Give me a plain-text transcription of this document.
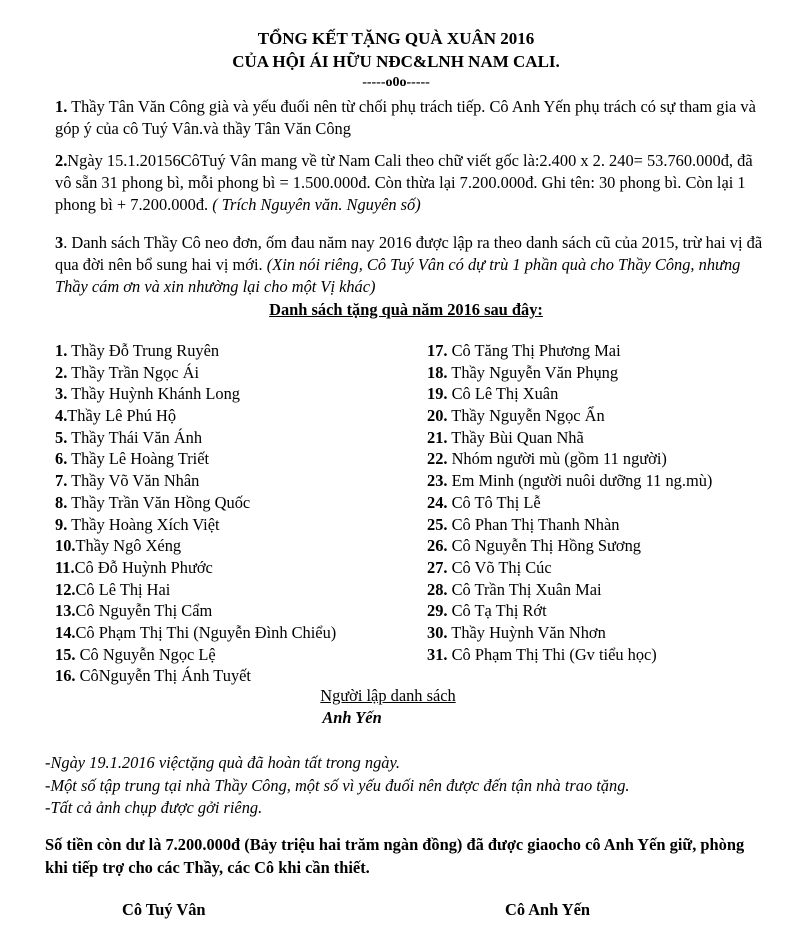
TỔNG KẾT TẶNG QUÀ XUÂN 2016
CỦA HỘI ÁI HỮU NĐC&LNH NAM CALI.
-----o0o-----
1. Thầy Tân Văn Công già và yếu đuối nên từ chối phụ trách tiếp. Cô Anh Yến phụ trách có sự tham gia và góp ý của cô Tuý Vân.và thầy Tân Văn Công
2.Ngày 15.1.20156CôTuý Vân mang về từ Nam Cali theo chữ viết gốc là:2.400 x 2. 240= 53.760.000đ, đã vô sẵn 31 phong bì, mỗi phong bì = 1.500.000đ. Còn thừa lại 7.200.000đ. Ghi tên: 30 phong bì. Còn lại 1 phong bì + 7.200.000đ. ( Trích Nguyên văn. Nguyên số)
3. Danh sách Thầy Cô neo đơn, ốm đau năm nay 2016 được lập ra theo danh sách cũ của 2015, trừ hai vị đã qua đời nên bổ sung hai vị mới. (Xin nói riêng, Cô Tuý Vân có dự trù 1 phần quà cho Thầy Công, nhưng Thầy cám ơn và xin nhường lại cho một Vị khác)
Danh sách tặng quà năm 2016 sau đây:
1. Thầy Đỗ Trung Ruyên
2. Thầy Trần Ngọc Ái
3. Thầy Huỳnh Khánh Long
4.Thầy Lê Phú Hộ
5. Thầy Thái Văn Ánh
6. Thầy Lê Hoàng Triết
7. Thầy Võ Văn Nhân
8. Thầy Trần Văn Hồng Quốc
9. Thầy Hoàng Xích Việt
10.Thầy Ngô Xéng
11.Cô Đỗ Huỳnh Phước
12.Cô Lê Thị Hai
13.Cô Nguyễn Thị Cẩm
14.Cô Phạm Thị Thi (Nguyễn Đình Chiểu)
15. Cô Nguyễn Ngọc Lệ
16. CôNguyễn Thị Ánh Tuyết
17. Cô Tăng Thị Phương Mai
18. Thầy Nguyễn Văn Phụng
19. Cô Lê Thị Xuân
20. Thầy Nguyễn Ngọc Ẩn
21. Thầy Bùi Quan Nhã
22. Nhóm người mù (gồm 11 người)
23. Em Minh (người nuôi dưỡng 11 ng.mù)
24. Cô Tô Thị Lễ
25. Cô Phan Thị Thanh Nhàn
26. Cô Nguyễn Thị Hồng Sương
27. Cô Võ Thị Cúc
28. Cô Trần Thị Xuân Mai
29. Cô Tạ Thị Rớt
30. Thầy Huỳnh Văn Nhơn
31. Cô Phạm Thị Thi (Gv tiểu học)
Người lập danh sách
Anh Yến
-Ngày 19.1.2016 việctặng quà đã hoàn tất trong ngày.
-Một số tập trung tại nhà Thầy Công, một số vì yếu đuối nên được đến tận nhà trao tặng.
-Tất cả ảnh chụp được gởi riêng.
Số tiền còn dư là 7.200.000đ (Bảy triệu hai trăm ngàn đồng) đã được giaocho cô Anh Yến giữ, phòng khi tiếp trợ cho các Thầy, các Cô khi cần thiết.
Cô Tuý Vân	Cô Anh Yến
